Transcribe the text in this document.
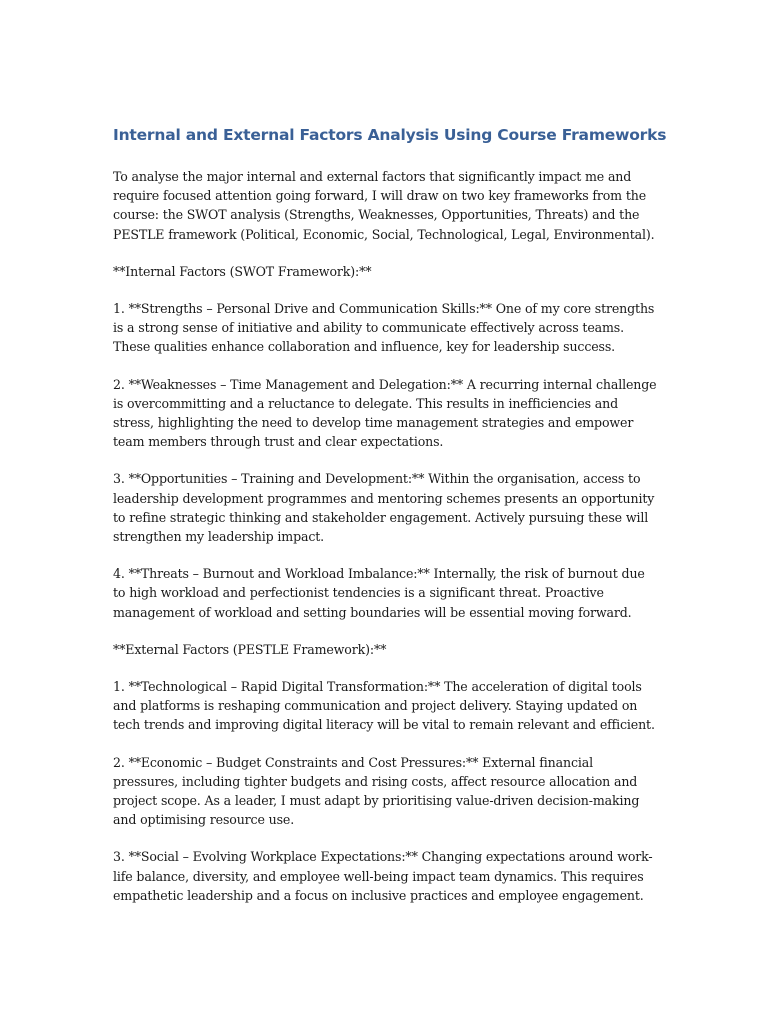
Internal and External Factors Analysis Using Course Frameworks

To analyse the major internal and external factors that significantly impact me and require focused attention going forward, I will draw on two key frameworks from the course: the SWOT analysis (Strengths, Weaknesses, Opportunities, Threats) and the PESTLE framework (Political, Economic, Social, Technological, Legal, Environmental).

**Internal Factors (SWOT Framework):**

1. **Strengths – Personal Drive and Communication Skills:** One of my core strengths is a strong sense of initiative and ability to communicate effectively across teams. These qualities enhance collaboration and influence, key for leadership success.

2. **Weaknesses – Time Management and Delegation:** A recurring internal challenge is overcommitting and a reluctance to delegate. This results in inefficiencies and stress, highlighting the need to develop time management strategies and empower team members through trust and clear expectations.

3. **Opportunities – Training and Development:** Within the organisation, access to leadership development programmes and mentoring schemes presents an opportunity to refine strategic thinking and stakeholder engagement. Actively pursuing these will strengthen my leadership impact.

4. **Threats – Burnout and Workload Imbalance:** Internally, the risk of burnout due to high workload and perfectionist tendencies is a significant threat. Proactive management of workload and setting boundaries will be essential moving forward.

**External Factors (PESTLE Framework):**

1. **Technological – Rapid Digital Transformation:** The acceleration of digital tools and platforms is reshaping communication and project delivery. Staying updated on tech trends and improving digital literacy will be vital to remain relevant and efficient.

2. **Economic – Budget Constraints and Cost Pressures:** External financial pressures, including tighter budgets and rising costs, affect resource allocation and project scope. As a leader, I must adapt by prioritising value-driven decision-making and optimising resource use.

3. **Social – Evolving Workplace Expectations:** Changing expectations around work-life balance, diversity, and employee well-being impact team dynamics. This requires empathetic leadership and a focus on inclusive practices and employee engagement.
